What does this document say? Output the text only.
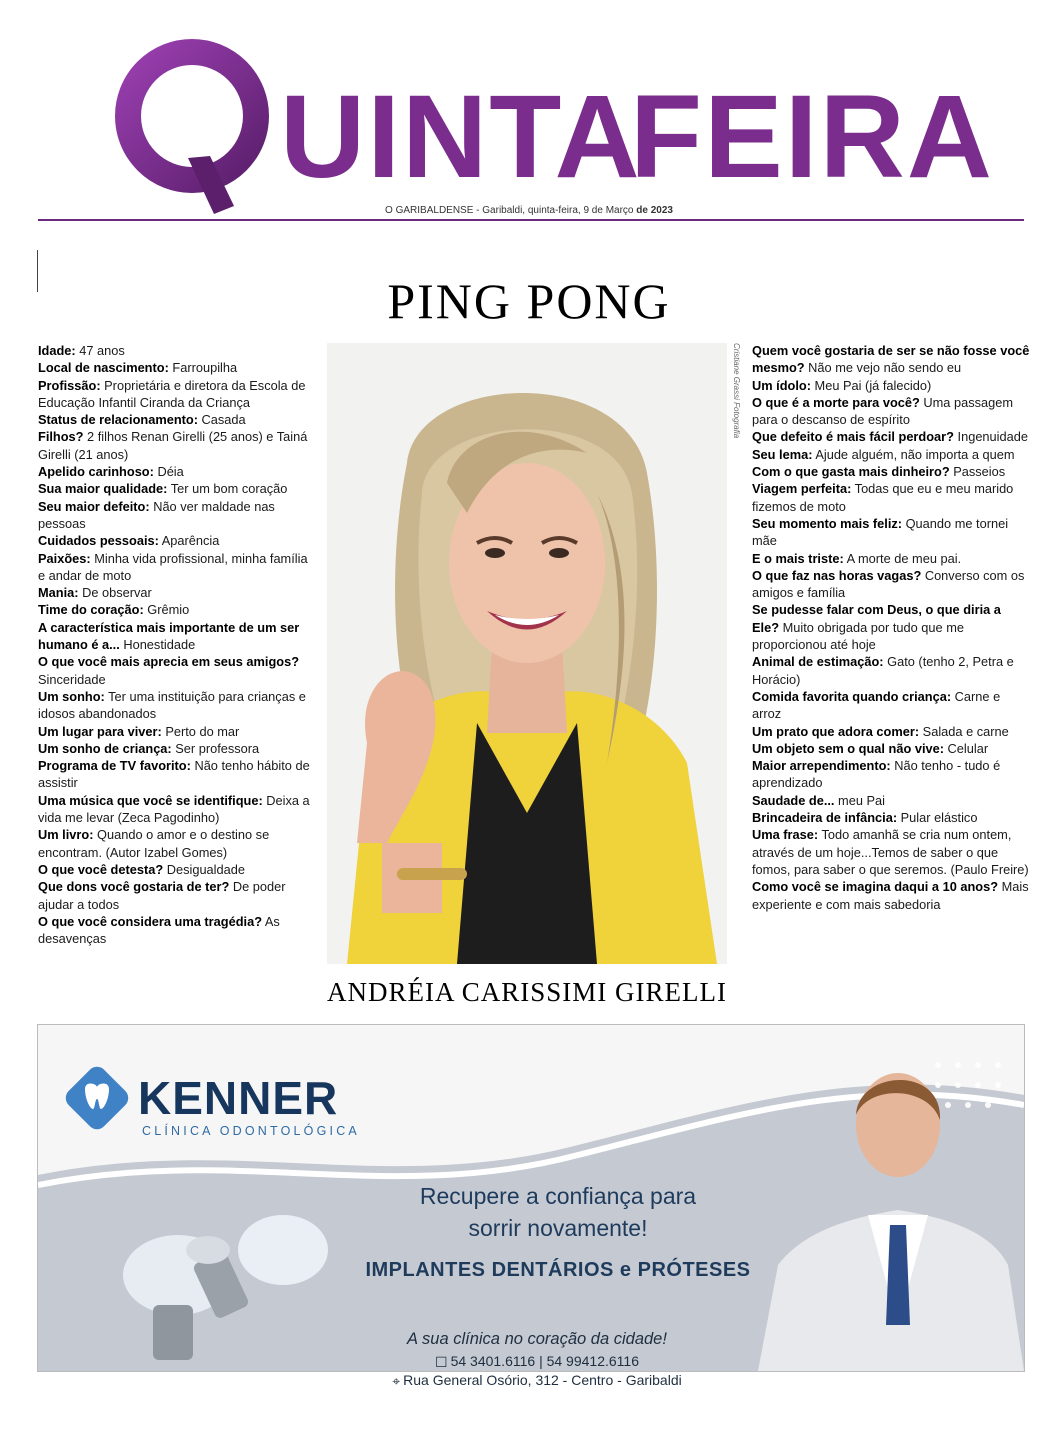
UINTA
FEIRA
O GARIBALDENSE - Garibaldi, quinta-feira, 9 de Março de 2023
PING PONG

Idade: 47 anos

Local de nascimento: Farroupilha

Profissão: Proprietária e diretora da Escola de Educação Infantil Ciranda da Criança

Status de relacionamento: Casada

Filhos? 2 filhos Renan Girelli (25 anos) e Tainá Girelli (21 anos)

Apelido carinhoso: Déia

Sua maior qualidade: Ter um bom coração

Seu maior defeito: Não ver maldade nas pessoas

Cuidados pessoais: Aparência

Paixões: Minha vida profissional, minha família e andar de moto

Mania: De observar

Time do coração: Grêmio

A característica mais importante de um ser humano é a... Honestidade

O que você mais aprecia em seus amigos? Sinceridade

Um sonho: Ter uma instituição para crianças e idosos abandonados

Um lugar para viver: Perto do mar

Um sonho de criança: Ser professora

Programa de TV favorito: Não tenho hábito de assistir

Uma música que você se identifique: Deixa a vida me levar (Zeca Pagodinho)

Um livro: Quando o amor e o destino se encontram. (Autor Izabel Gomes)

O que você detesta? Desigualdade

Que dons você gostaria de ter? De poder ajudar a todos

O que você considera uma tragédia? As desavenças

Cristiane Grassi Fotografia
ANDRÉIA CARISSIMI GIRELLI

Quem você gostaria de ser se não fosse você mesmo? Não me vejo não sendo eu

Um ídolo: Meu Pai (já falecido)

O que é a morte para você? Uma passagem para o descanso de espírito

Que defeito é mais fácil perdoar? Ingenuidade

Seu lema: Ajude alguém, não importa a quem

Com o que gasta mais dinheiro? Passeios

Viagem perfeita: Todas que eu e meu marido fizemos de moto

Seu momento mais feliz: Quando me tornei mãe

E o mais triste: A morte de meu pai.

O que faz nas horas vagas? Converso com os amigos e família

Se pudesse falar com Deus, o que diria a Ele? Muito obrigada por tudo que me proporcionou até hoje

Animal de estimação: Gato (tenho 2, Petra e Horácio)

Comida favorita quando criança: Carne e arroz

Um prato que adora comer: Salada e carne

Um objeto sem o qual não vive: Celular

Maior arrependimento: Não tenho - tudo é aprendizado

Saudade de... meu Pai

Brincadeira de infância: Pular elástico

Uma frase: Todo amanhã se cria num ontem, através de um hoje...Temos de saber o que fomos, para saber o que seremos. (Paulo Freire)

Como você se imagina daqui a 10 anos? Mais experiente e com mais sabedoria

KENNER
CLÍNICA ODONTOLÓGICA
Recupere a confiança para
sorrir novamente!
IMPLANTES DENTÁRIOS e PRÓTESES
A sua clínica no coração da cidade!
☐ 54 3401.6116 | 54 99412.6116
⌖ Rua General Osório, 312 - Centro - Garibaldi
